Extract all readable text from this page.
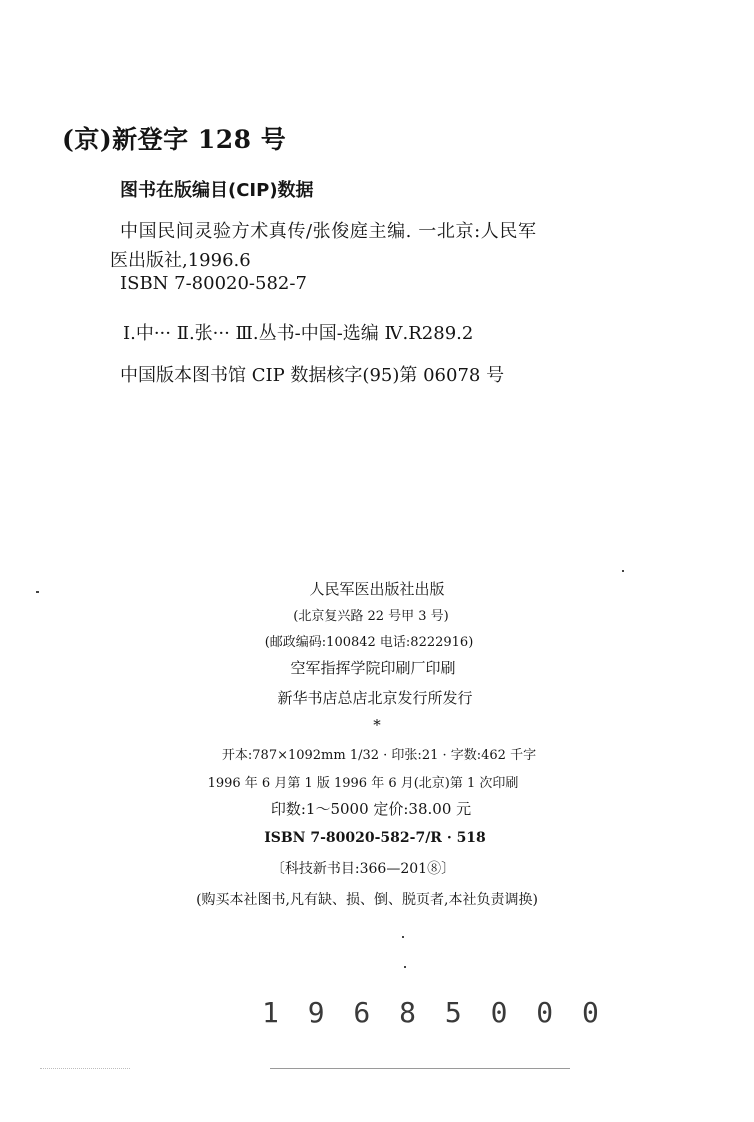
(京)新登字 128 号
图书在版编目(CIP)数据
中国民间灵验方术真传/张俊庭主编. 一北京:人民军
医出版社,1996.6
ISBN 7-80020-582-7
Ⅰ.中··· Ⅱ.张··· Ⅲ.丛书-中国-选编 Ⅳ.R289.2
中国版本图书馆 CIP 数据核字(95)第 06078 号
人民军医出版社出版
(北京复兴路 22 号甲 3 号)
(邮政编码:100842 电话:8222916)
空军指挥学院印刷厂印刷
新华书店总店北京发行所发行
*
开本:787×1092mm 1/32 · 印张:21 · 字数:462 千字
1996 年 6 月第 1 版 1996 年 6 月(北京)第 1 次印刷
印数:1～5000 定价:38.00 元
ISBN 7-80020-582-7/R · 518
〔科技新书目:366—201⑧〕
(购买本社图书,凡有缺、损、倒、脱页者,本社负责调换)
1 9 6 8 5 0 0 0
